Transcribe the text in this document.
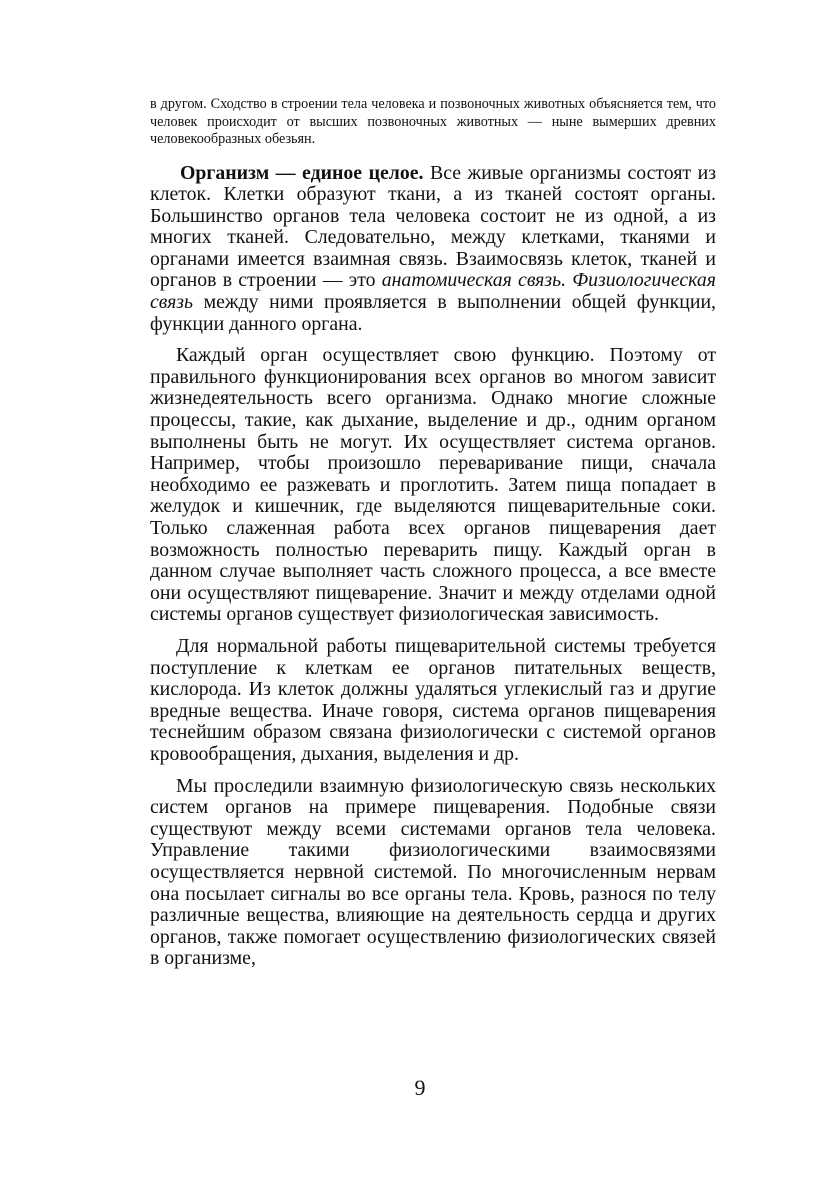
в другом. Сходство в строении тела человека и позвоночных животных объясняется тем, что человек происходит от высших позвоночных животных — ныне вымерших древних человекообразных обезьян.

Организм — единое целое. Все живые организмы состоят из клеток. Клетки образуют ткани, а из тканей состоят органы. Большинство органов тела человека состоит не из одной, а из многих тканей. Следовательно, между клетками, тканями и органами имеется взаимная связь. Взаимосвязь клеток, тканей и органов в строении — это анатомическая связь. Физиологическая связь между ними проявляется в выполнении общей функции, функции данного органа.

Каждый орган осуществляет свою функцию. Поэтому от правильного функционирования всех органов во многом зависит жизнедеятельность всего организма. Однако многие сложные процессы, такие, как дыхание, выделение и др., одним органом выполнены быть не могут. Их осуществляет система органов. Например, чтобы произошло переваривание пищи, сначала необходимо ее разжевать и проглотить. Затем пища попадает в желудок и кишечник, где выделяются пищеварительные соки. Только слаженная работа всех органов пищеварения дает возможность полностью переварить пищу. Каждый орган в данном случае выполняет часть сложного процесса, а все вместе они осуществляют пищеварение. Значит и между отделами одной системы органов существует физиологическая зависимость.

Для нормальной работы пищеварительной системы требуется поступление к клеткам ее органов питательных веществ, кислорода. Из клеток должны удаляться углекислый газ и другие вредные вещества. Иначе говоря, система органов пищеварения теснейшим образом связана физиологически с системой органов кровообращения, дыхания, выделения и др.

Мы проследили взаимную физиологическую связь нескольких систем органов на примере пищеварения. Подобные связи существуют между всеми системами органов тела человека. Управление такими физиологическими взаимосвязями осуществляется нервной системой. По многочисленным нервам она посылает сигналы во все органы тела. Кровь, разнося по телу различные вещества, влияющие на деятельность сердца и других органов, также помогает осуществлению физиологических связей в организме,

9
